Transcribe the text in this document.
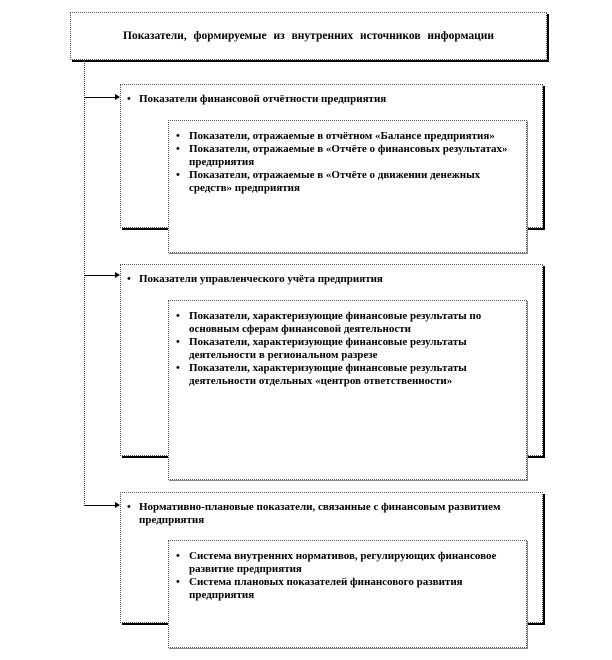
Показатели, формируемые из внутренних источников информации
• Показатели финансовой отчётности предприятия
• Показатели, отражаемые в отчётном «Балансе предприятия»
• Показатели, отражаемые в «Отчёте о финансовых результатах» предприятия
• Показатели, отражаемые в «Отчёте о движении денежных средств» предприятия
• Показатели управленческого учёта предприятия
• Показатели, характеризующие финансовые результаты по основным сферам финансовой деятельности
• Показатели, характеризующие финансовые результаты деятельности в региональном разрезе
• Показатели, характеризующие финансовые результаты деятельности отдельных «центров ответственности»
• Нормативно-плановые показатели, связанные с финансовым развитием предприятия
• Система внутренних нормативов, регулирующих финансовое развитие предприятия
• Система плановых показателей финансового развития предприятия
